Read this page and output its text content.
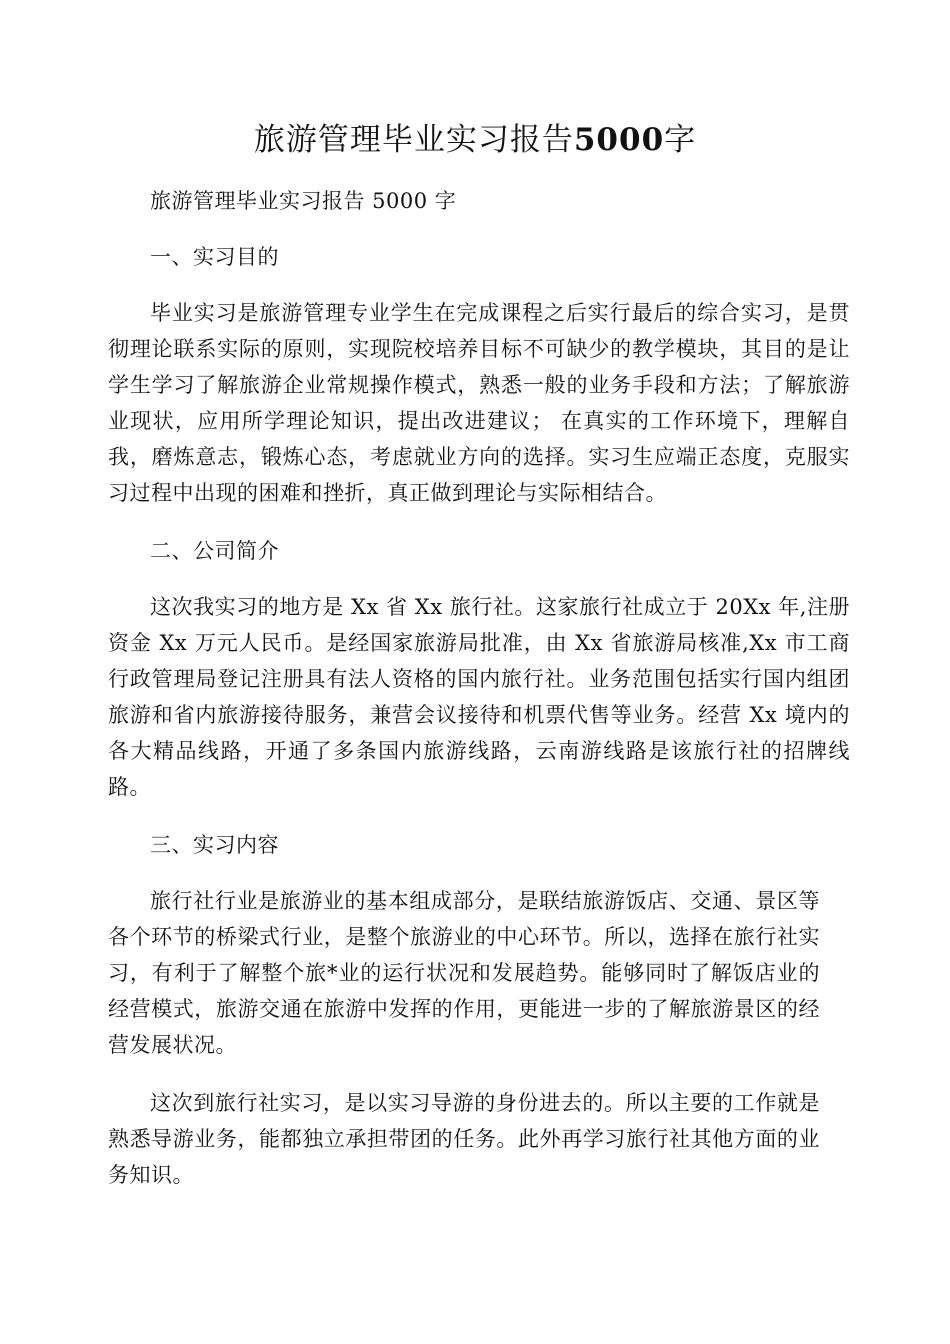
旅游管理毕业实习报告5000字

旅游管理毕业实习报告 5000 字

一、实习目的

毕业实习是旅游管理专业学生在完成课程之后实行最后的综合实习，是贯彻理论联系实际的原则，实现院校培养目标不可缺少的教学模块，其目的是让学生学习了解旅游企业常规操作模式，熟悉一般的业务手段和方法；了解旅游业现状，应用所学理论知识，提出改进建议； 在真实的工作环境下，理解自我，磨炼意志，锻炼心态，考虑就业方向的选择。实习生应端正态度，克服实习过程中出现的困难和挫折，真正做到理论与实际相结合。

二、公司简介

这次我实习的地方是 Xx 省 Xx 旅行社。这家旅行社成立于 20Xx 年,注册资金 Xx 万元人民币。是经国家旅游局批准，由 Xx 省旅游局核准,Xx 市工商行政管理局登记注册具有法人资格的国内旅行社。业务范围包括实行国内组团旅游和省内旅游接待服务，兼营会议接待和机票代售等业务。经营 Xx 境内的各大精品线路，开通了多条国内旅游线路，云南游线路是该旅行社的招牌线路。

三、实习内容

旅行社行业是旅游业的基本组成部分，是联结旅游饭店、交通、景区等各个环节的桥梁式行业，是整个旅游业的中心环节。所以，选择在旅行社实习，有利于了解整个旅*业的运行状况和发展趋势。能够同时了解饭店业的经营模式，旅游交通在旅游中发挥的作用，更能进一步的了解旅游景区的经营发展状况。

这次到旅行社实习，是以实习导游的身份进去的。所以主要的工作就是熟悉导游业务，能都独立承担带团的任务。此外再学习旅行社其他方面的业务知识。
